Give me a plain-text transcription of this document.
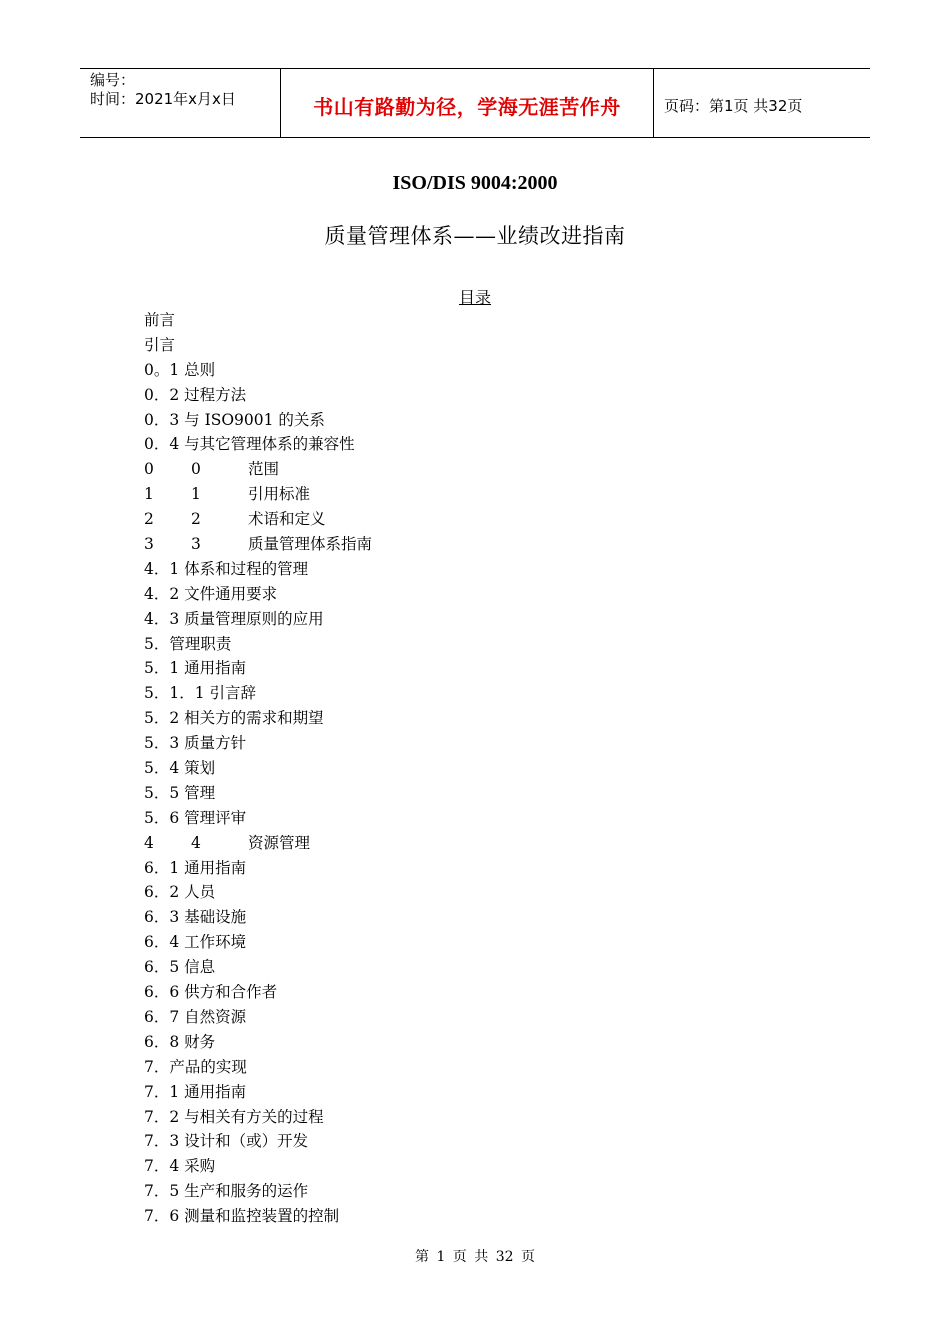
编号：
时间：2021年x月x日	书山有路勤为径，学海无涯苦作舟	页码：第1页 共32页
ISO/DIS 9004:2000
质量管理体系——业绩改进指南
目录
前言
引言
0。1 总则
0．2 过程方法
0．3 与 ISO9001 的关系
0．4 与其它管理体系的兼容性
0	0	范围
1	1	引用标准
2	2	术语和定义
3	3	质量管理体系指南
4．1 体系和过程的管理
4．2 文件通用要求
4．3 质量管理原则的应用
5．管理职责
5．1 通用指南
5．1．1 引言辞
5．2 相关方的需求和期望
5．3 质量方针
5．4 策划
5．5 管理
5．6 管理评审
4	4	资源管理
6．1 通用指南
6．2 人员
6．3 基础设施
6．4 工作环境
6．5 信息
6．6 供方和合作者
6．7 自然资源
6．8 财务
7．产品的实现
7．1 通用指南
7．2 与相关有方关的过程
7．3 设计和（或）开发
7．4 采购
7．5 生产和服务的运作
7．6 测量和监控装置的控制
第 1 页 共 32 页
